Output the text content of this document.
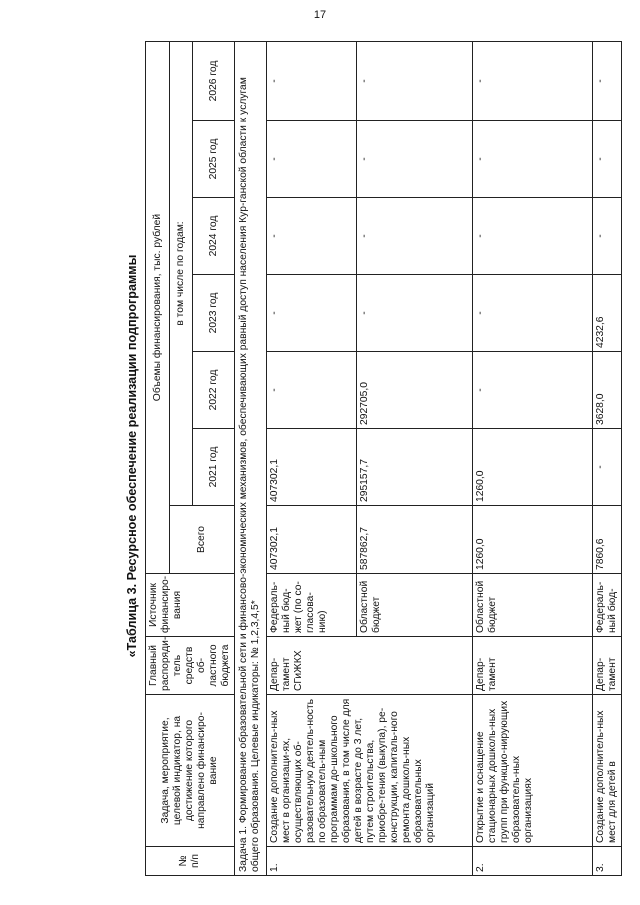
17
«Таблица 3. Ресурсное обеспечение реализации подпрограммы
№ п/п	Задача, мероприятие, целевой индикатор, на достижение которого направлено финансиро-вание	Главный распоряди-тель средств об-ластного бюджета	Источник финансиро-вания	Объемы финансирования, тыс. рублей						
				Всего	в том числе по годам:					
					2021 год	2022 год	2023 год	2024 год	2025 год	2026 год
Задача 1. Формирование образовательной сети и финансово-экономических механизмов, обеспечивающих равный доступ населения Кур-ганской области к услугам общего образования. Целевые индикаторы: № 1,2,3,4,5*										
1.	Создание дополнитель-ных мест в организаци-ях, осуществляющих об-разовательную деятель-ность по образователь-ным программам до-школьного образования, в том числе для детей в возрасте до 3 лет, путем строительства, приобре-тения (выкупа), ре-конструкции, капиталь-ного ремонта дошколь-ных образовательных организаций	Депар-тамент СГиЖКХ	Федераль-ный бюд-жет (по со-гласова-нию)	407302,1	407302,1	-	-	-	-	-
			Областной бюджет	587862,7	295157,7	292705,0	-	-	-	-
2.	Открытие и оснащение стационарных дошколь-ных групп при функцио-нирующих образователь-ных организациях	Депар-тамент	Областной бюджет	1260,0	1260,0	-	-	-	-	-
3.	Создание дополнитель-ных мест для детей в	Депар-тамент	Федераль-ный бюд-	7860,6	-	3628,0	4232,6	-	-	-
